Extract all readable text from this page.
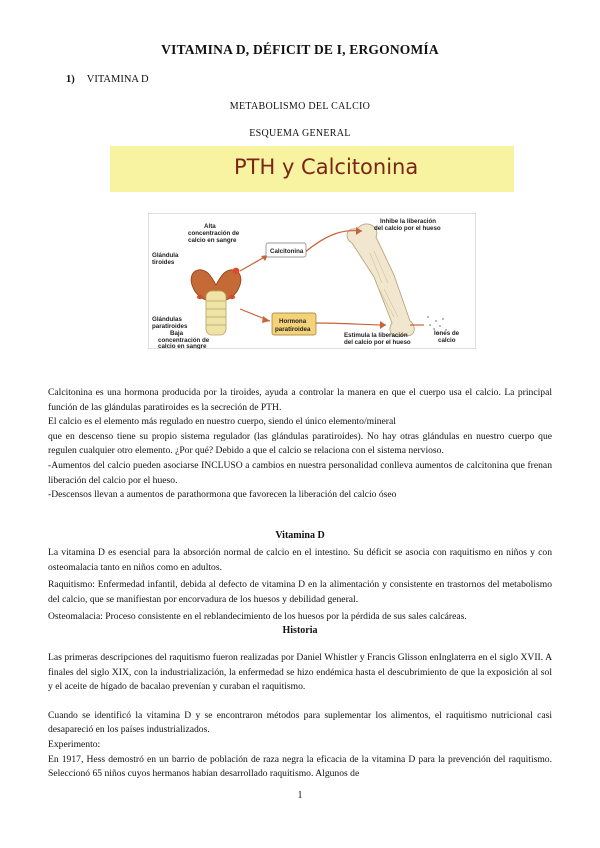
VITAMINA D, DÉFICIT DE I, ERGONOMÍA
1) VITAMINA D
METABOLISMO DEL CALCIO
ESQUEMA GENERAL
PTH y Calcitonina
Calcitonina
Hormona
paratiroidea
Alta
concentración de
calcio en sangre
Glándula
tiroides
Glándulas
paratiroides
Baja
concentración de
calcio en sangre
Inhibe la liberación
del calcio por el hueso
Estimula la liberación
del calcio por el hueso
Iones de
calcio

Calcitonina es una hormona producida por la tiroides, ayuda a controlar la manera en que el cuerpo usa el calcio. La principal función de las glándulas paratiroides es la secreción de PTH.

El calcio es el elemento más regulado en nuestro cuerpo, siendo el único elemento/mineral

que en descenso tiene su propio sistema regulador (las glándulas paratiroides). No hay otras glándulas en nuestro cuerpo que regulen cualquier otro elemento. ¿Por qué? Debido a que el calcio se relaciona con el sistema nervioso.

-Aumentos del calcio pueden asociarse INCLUSO a cambios en nuestra personalidad conlleva aumentos de calcitonina que frenan liberación del calcio por el hueso.

-Descensos llevan a aumentos de parathormona que favorecen la liberación del calcio óseo

Vitamina D

La vitamina D es esencial para la absorción normal de calcio en el intestino. Su déficit se asocia con raquitismo en niños y con osteomalacia tanto en niños como en adultos.

Raquitismo: Enfermedad infantil, debida al defecto de vitamina D en la alimentación y consistente en trastornos del metabolismo del calcio, que se manifiestan por encorvadura de los huesos y debilidad general.

Osteomalacia: Proceso consistente en el reblandecimiento de los huesos por la pérdida de sus sales calcáreas.

Historia

Las primeras descripciones del raquitismo fueron realizadas por Daniel Whistler y Francis Glisson enInglaterra en el siglo XVII. A finales del siglo XIX, con la industrialización, la enfermedad se hizo endémica hasta el descubrimiento de que la exposición al sol y el aceite de hígado de bacalao prevenían y curaban el raquitismo.

Cuando se identificó la vitamina D y se encontraron métodos para suplementar los alimentos, el raquitismo nutricional casi desapareció en los países industrializados.

Experimento:

En 1917, Hess demostró en un barrio de población de raza negra la eficacia de la vitamina D para la prevención del raquitismo. Seleccionó 65 niños cuyos hermanos habían desarrollado raquitismo. Algunos de

1
